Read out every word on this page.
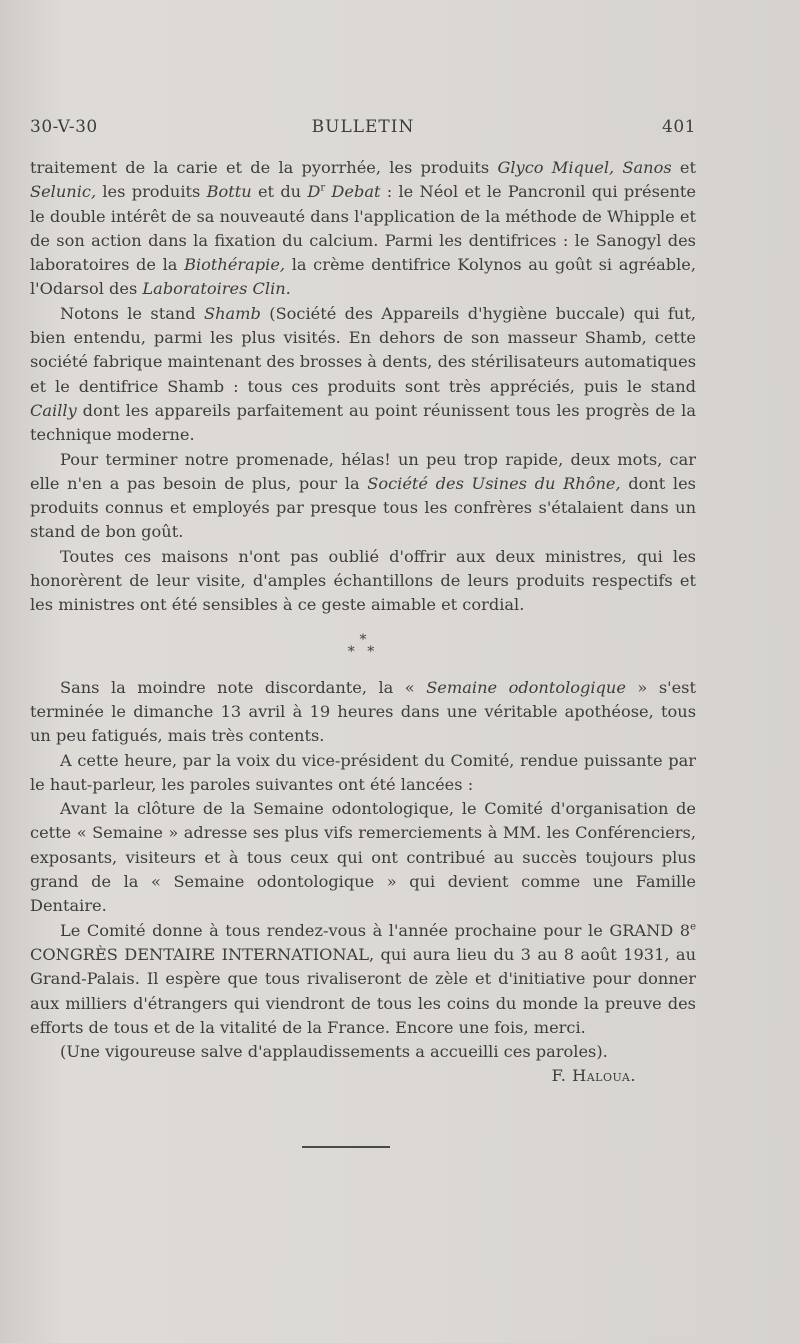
30-V-30	BULLETIN	401

traitement de la carie et de la pyorrhée, les produits Glyco Miquel, Sanos et Selunic, les produits Bottu et du $D^r$ Debat : le Néol et le Pancronil qui présente le double intérêt de sa nouveauté dans l'application de la méthode de Whipple et de son action dans la fixation du calcium. Parmi les dentifrices : le Sanogyl des laboratoires de la Biothérapie, la crème dentifrice Kolynos au goût si agréable, l'Odarsol des Laboratoires Clin.

Notons le stand Shamb (Société des Appareils d'hygiène buccale) qui fut, bien entendu, parmi les plus visités. En dehors de son masseur Shamb, cette société fabrique maintenant des brosses à dents, des stérilisateurs automatiques et le dentifrice Shamb : tous ces produits sont très appréciés, puis le stand Cailly dont les appareils parfaitement au point réunissent tous les progrès de la technique moderne.

Pour terminer notre promenade, hélas! un peu trop rapide, deux mots, car elle n'en a pas besoin de plus, pour la Société des Usines du Rhône, dont les produits connus et employés par presque tous les confrères s'étalaient dans un stand de bon goût.

Toutes ces maisons n'ont pas oublié d'offrir aux deux ministres, qui les honorèrent de leur visite, d'amples échantillons de leurs produits respectifs et les ministres ont été sensibles à ce geste aimable et cordial.

*
* *

Sans la moindre note discordante, la « Semaine odontologique » s'est terminée le dimanche 13 avril à 19 heures dans une véritable apothéose, tous un peu fatigués, mais très contents.

A cette heure, par la voix du vice-président du Comité, rendue puissante par le haut-parleur, les paroles suivantes ont été lancées :

Avant la clôture de la Semaine odontologique, le Comité d'organisation de cette « Semaine » adresse ses plus vifs remerciements à MM. les Conférenciers, exposants, visiteurs et à tous ceux qui ont contribué au succès toujours plus grand de la « Semaine odontologique » qui devient comme une Famille Dentaire.

Le Comité donne à tous rendez-vous à l'année prochaine pour le GRAND 8e CONGRÈS DENTAIRE INTERNATIONAL, qui aura lieu du 3 au 8 août 1931, au Grand-Palais. Il espère que tous rivaliseront de zèle et d'initiative pour donner aux milliers d'étrangers qui viendront de tous les coins du monde la preuve des efforts de tous et de la vitalité de la France. Encore une fois, merci.

(Une vigoureuse salve d'applaudissements a accueilli ces paroles).

F. Haloua.
